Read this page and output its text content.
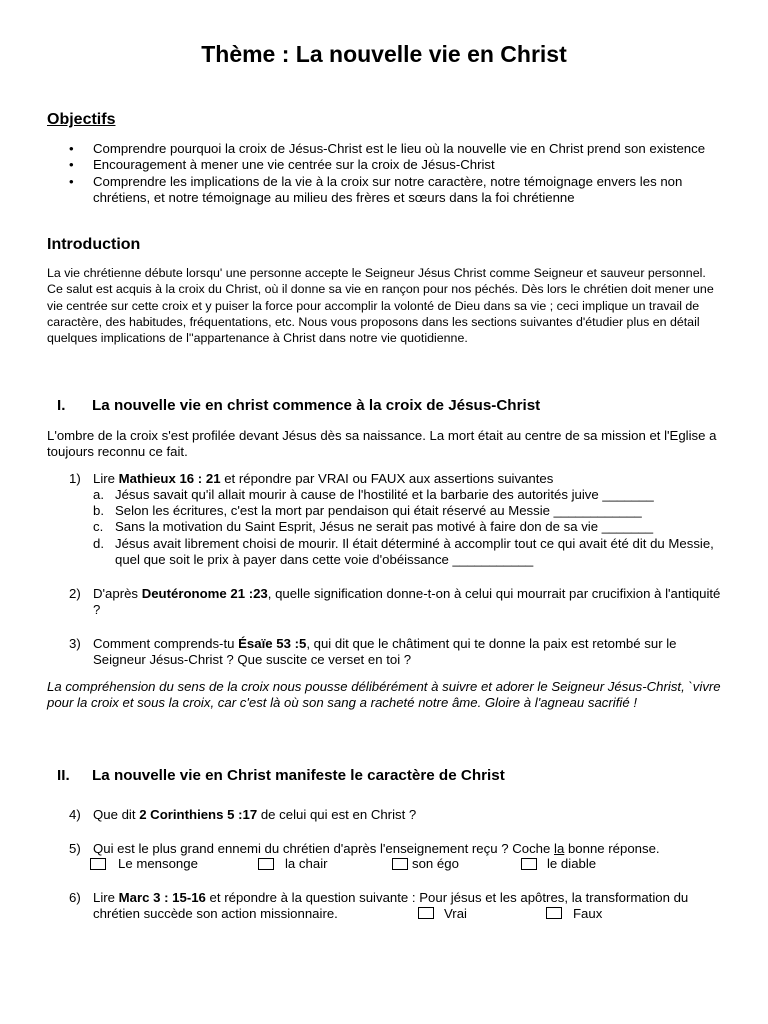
Thème : La nouvelle vie en Christ
Objectifs
• Comprendre pourquoi la croix de Jésus-Christ est le lieu où la nouvelle vie en Christ prend son existence
• Encouragement à mener une vie centrée sur la croix de Jésus-Christ
• Comprendre les implications de la vie à la croix sur notre caractère, notre témoignage envers les non chrétiens, et notre témoignage au milieu des frères et sœurs dans la foi chrétienne
Introduction

La vie chrétienne débute lorsqu' une personne accepte le Seigneur Jésus Christ comme Seigneur et sauveur personnel. Ce salut est acquis à la croix du Christ, où il donne sa vie en rançon pour nos péchés. Dès lors le chrétien doit mener une vie centrée sur cette croix et y puiser la force pour accomplir la volonté de Dieu dans sa vie ; ceci implique un travail de caractère, des habitudes, fréquentations, etc. Nous vous proposons dans les sections suivantes d'étudier plus en détail quelques implications de l''appartenance à Christ dans notre vie quotidienne.

I. La nouvelle vie en christ commence à la croix de Jésus-Christ

L'ombre de la croix s'est profilée devant Jésus dès sa naissance. La mort était au centre de sa mission et l'Eglise a toujours reconnu ce fait.

1) Lire Mathieux 16 : 21 et répondre par VRAI ou FAUX aux assertions suivantes
a. Jésus savait qu'il allait mourir à cause de l'hostilité et la barbarie des autorités juive _______
b. Selon les écritures, c'est la mort par pendaison qui était réservé au Messie ____________
c. Sans la motivation du Saint Esprit, Jésus ne serait pas motivé à faire don de sa vie _______
d. Jésus avait librement choisi de mourir. Il était déterminé à accomplir tout ce qui avait été dit du Messie, quel que soit le prix à payer dans cette voie d'obéissance ___________
2) D'après Deutéronome 21 :23, quelle signification donne-t-on à celui qui mourrait par crucifixion à l'antiquité ?
3) Comment comprends-tu Ésaïe 53 :5, qui dit que le châtiment qui te donne la paix est retombé sur le Seigneur Jésus-Christ ? Que suscite ce verset en toi ?

La compréhension du sens de la croix nous pousse délibérément à suivre et adorer le Seigneur Jésus-Christ, `vivre pour la croix et sous la croix, car c'est là où son sang a racheté notre âme. Gloire à l'agneau sacrifié !

II. La nouvelle vie en Christ manifeste le caractère de Christ
4) Que dit 2 Corinthiens 5 :17 de celui qui est en Christ ?
5) Qui est le plus grand ennemi du chrétien d'après l'enseignement reçu ? Coche la bonne réponse.
Le mensonge	la chair	son égo	le diable
6) Lire Marc 3 : 15-16 et répondre à la question suivante : Pour jésus et les apôtres, la transformation du chrétien succède son action missionnaire.	Vrai	Faux
